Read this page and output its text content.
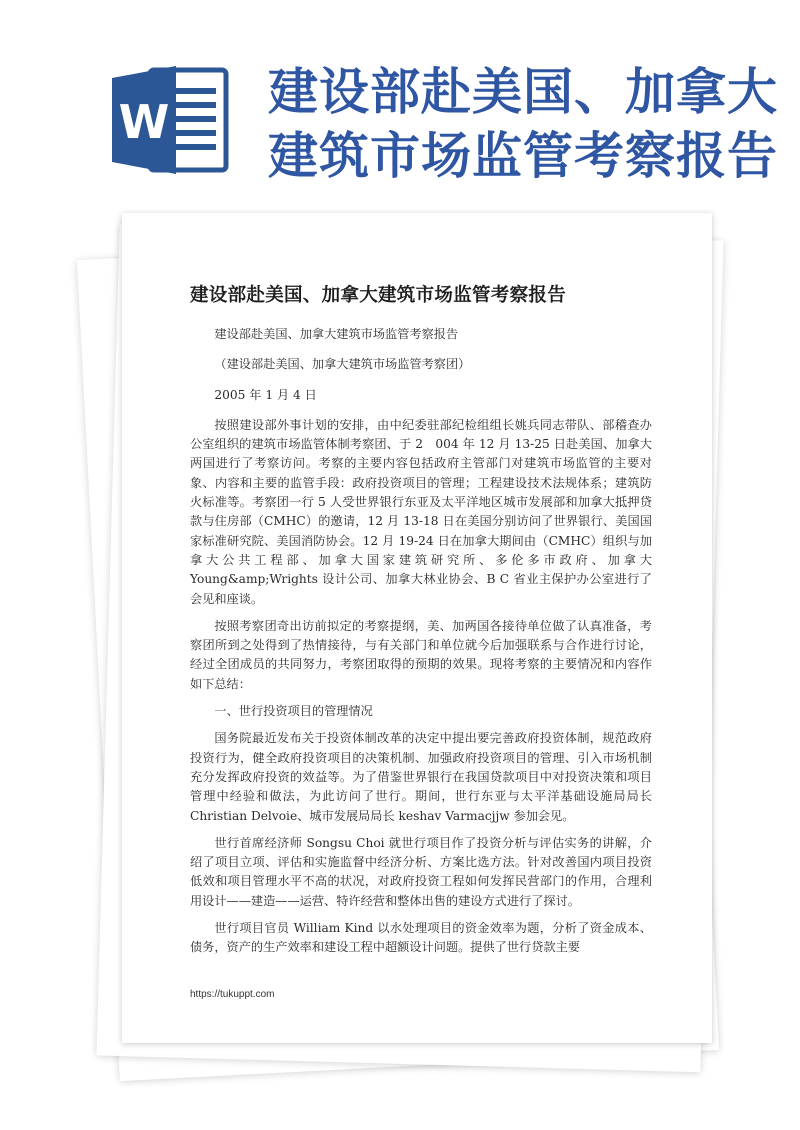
W
建设部赴美国、加拿大
建筑市场监管考察报告
建设部赴美国、加拿大建筑市场监管考察报告

建设部赴美国、加拿大建筑市场监管考察报告

（建设部赴美国、加拿大建筑市场监管考察团）

2005 年 1 月 4 日

按照建设部外事计划的安排，由中纪委驻部纪检组组长姚兵同志带队、部稽查办公室组织的建筑市场监管体制考察团、于 2　004 年 12 月 13-25 日赴美国、加拿大两国进行了考察访问。考察的主要内容包括政府主管部门对建筑市场监管的主要对象、内容和主要的监管手段：政府投资项目的管理；工程建设技术法规体系；建筑防火标准等。考察团一行 5 人受世界银行东亚及太平洋地区城市发展部和加拿大抵押贷款与住房部（CMHC）的邀请，12 月 13-18 日在美国分别访问了世界银行、美国国家标准研究院、美国消防协会。12 月 19-24 日在加拿大期间由（CMHC）组织与加拿大公共工程部、加拿大国家建筑研究所、多伦多市政府、加拿大 Young&amp;Wrights 设计公司、加拿大林业协会、B C 省业主保护办公室进行了会见和座谈。

按照考察团奇出访前拟定的考察提纲，美、加两国各接待单位做了认真准备，考察团所到之处得到了热情接待，与有关部门和单位就今后加强联系与合作进行讨论，经过全团成员的共同努力，考察团取得的预期的效果。现将考察的主要情况和内容作如下总结：

一、世行投资项目的管理情况

国务院最近发布关于投资体制改革的决定中提出要完善政府投资体制，规范政府投资行为，健全政府投资项目的决策机制、加强政府投资项目的管理、引入市场机制充分发挥政府投资的效益等。为了借鉴世界银行在我国贷款项目中对投资决策和项目管理中经验和做法，为此访问了世行。期间，世行东亚与太平洋基础设施局局长 Christian Delvoie、城市发展局局长 keshav Varmacjjw 参加会见。

世行首席经济师 Songsu Choi 就世行项目作了投资分析与评估实务的讲解，介绍了项目立项、评估和实施监督中经济分析、方案比选方法。针对改善国内项目投资低效和项目管理水平不高的状况，对政府投资工程如何发挥民营部门的作用，合理利用设计——建造——运营、特许经营和整体出售的建设方式进行了探讨。

世行项目官员 William Kind 以水处理项目的资金效率为题，分析了资金成本、债务，资产的生产效率和建设工程中超额设计问题。提供了世行贷款主要

https://tukuppt.com
